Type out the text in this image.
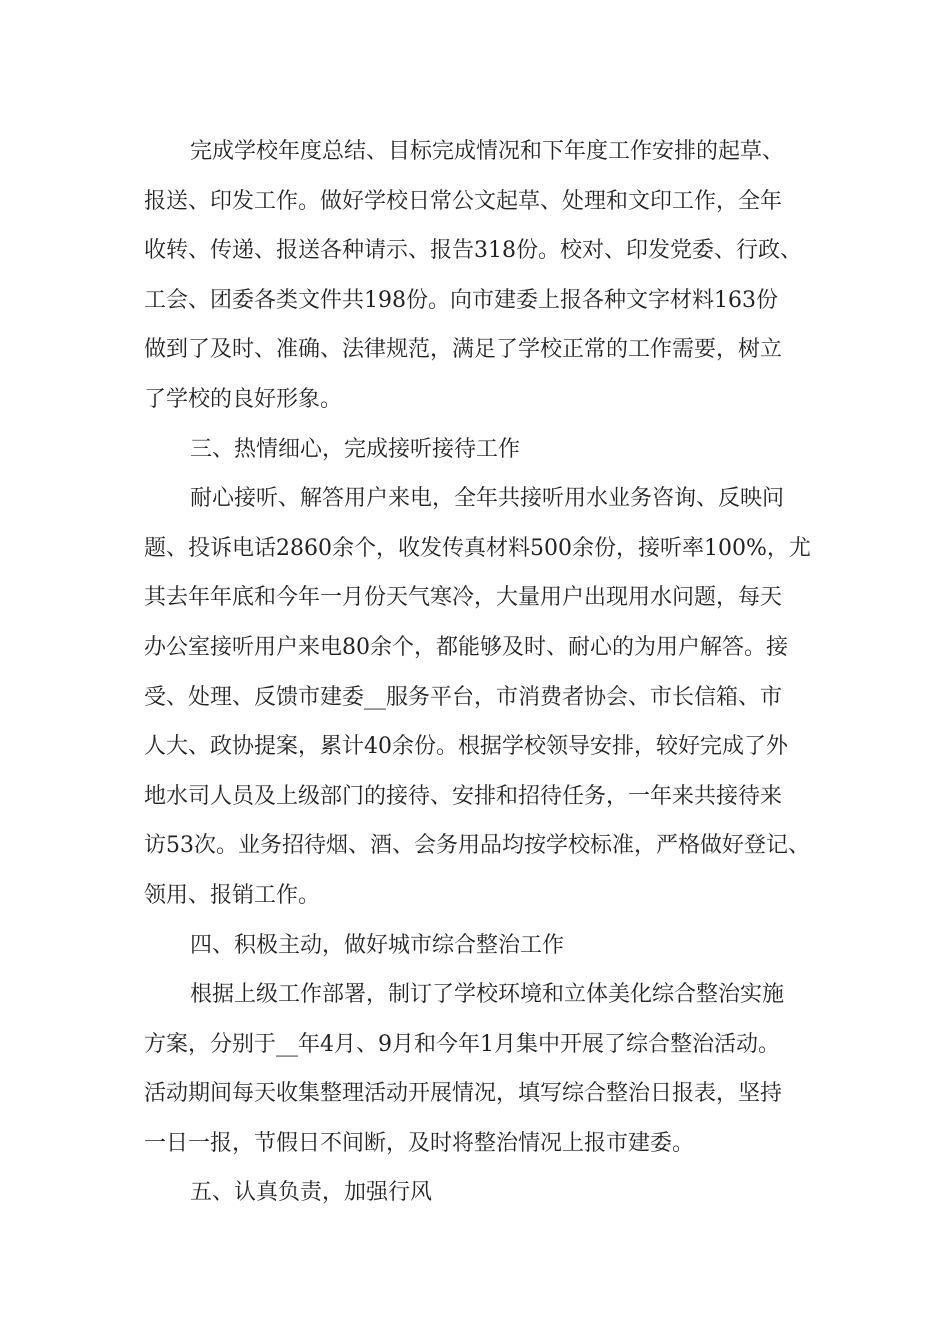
完成学校年度总结、目标完成情况和下年度工作安排的起草、
报送、印发工作。做好学校日常公文起草、处理和文印工作，全年
收转、传递、报送各种请示、报告318份。校对、印发党委、行政、
工会、团委各类文件共198份。向市建委上报各种文字材料163份
做到了及时、准确、法律规范，满足了学校正常的工作需要，树立
了学校的良好形象。
三、热情细心，完成接听接待工作
耐心接听、解答用户来电，全年共接听用水业务咨询、反映问
题、投诉电话2860余个，收发传真材料500余份，接听率100%，尤
其去年年底和今年一月份天气寒冷，大量用户出现用水问题，每天
办公室接听用户来电80余个，都能够及时、耐心的为用户解答。接
受、处理、反馈市建委__服务平台，市消费者协会、市长信箱、市
人大、政协提案，累计40余份。根据学校领导安排，较好完成了外
地水司人员及上级部门的接待、安排和招待任务，一年来共接待来
访53次。业务招待烟、酒、会务用品均按学校标准，严格做好登记、
领用、报销工作。
四、积极主动，做好城市综合整治工作
根据上级工作部署，制订了学校环境和立体美化综合整治实施
方案，分别于__年4月、9月和今年1月集中开展了综合整治活动。
活动期间每天收集整理活动开展情况，填写综合整治日报表，坚持
一日一报，节假日不间断，及时将整治情况上报市建委。
五、认真负责，加强行风
